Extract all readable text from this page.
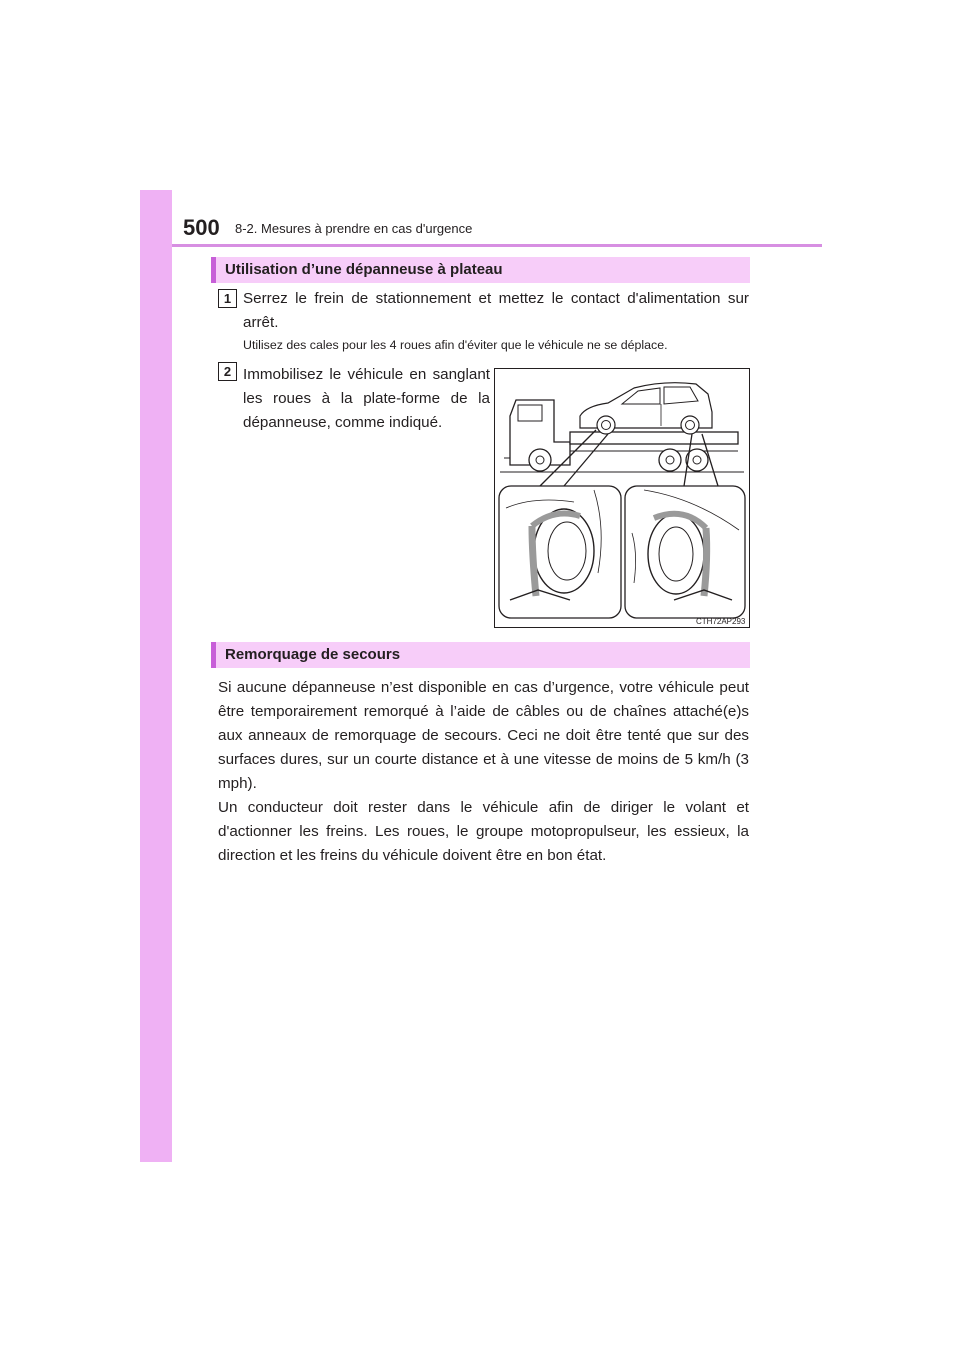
500 8-2. Mesures à prendre en cas d'urgence
Utilisation d’une dépanneuse à plateau
1 Serrez le frein de stationnement et mettez le contact d'alimentation sur arrêt.

Utilisez des cales pour les 4 roues afin d'éviter que le véhicule ne se déplace.

2 Immobilisez le véhicule en sanglant les roues à la plate-forme de la dépanneuse, comme indiqué.

CTH72AP293
Remorquage de secours

Si aucune dépanneuse n’est disponible en cas d’urgence, votre véhicule peut être temporairement remorqué à l’aide de câbles ou de chaînes attaché(e)s aux anneaux de remorquage de secours. Ceci ne doit être tenté que sur des surfaces dures, sur un courte distance et à une vitesse de moins de 5 km/h (3 mph).

Un conducteur doit rester dans le véhicule afin de diriger le volant et d'actionner les freins. Les roues, le groupe motopropulseur, les essieux, la direction et les freins du véhicule doivent être en bon état.
